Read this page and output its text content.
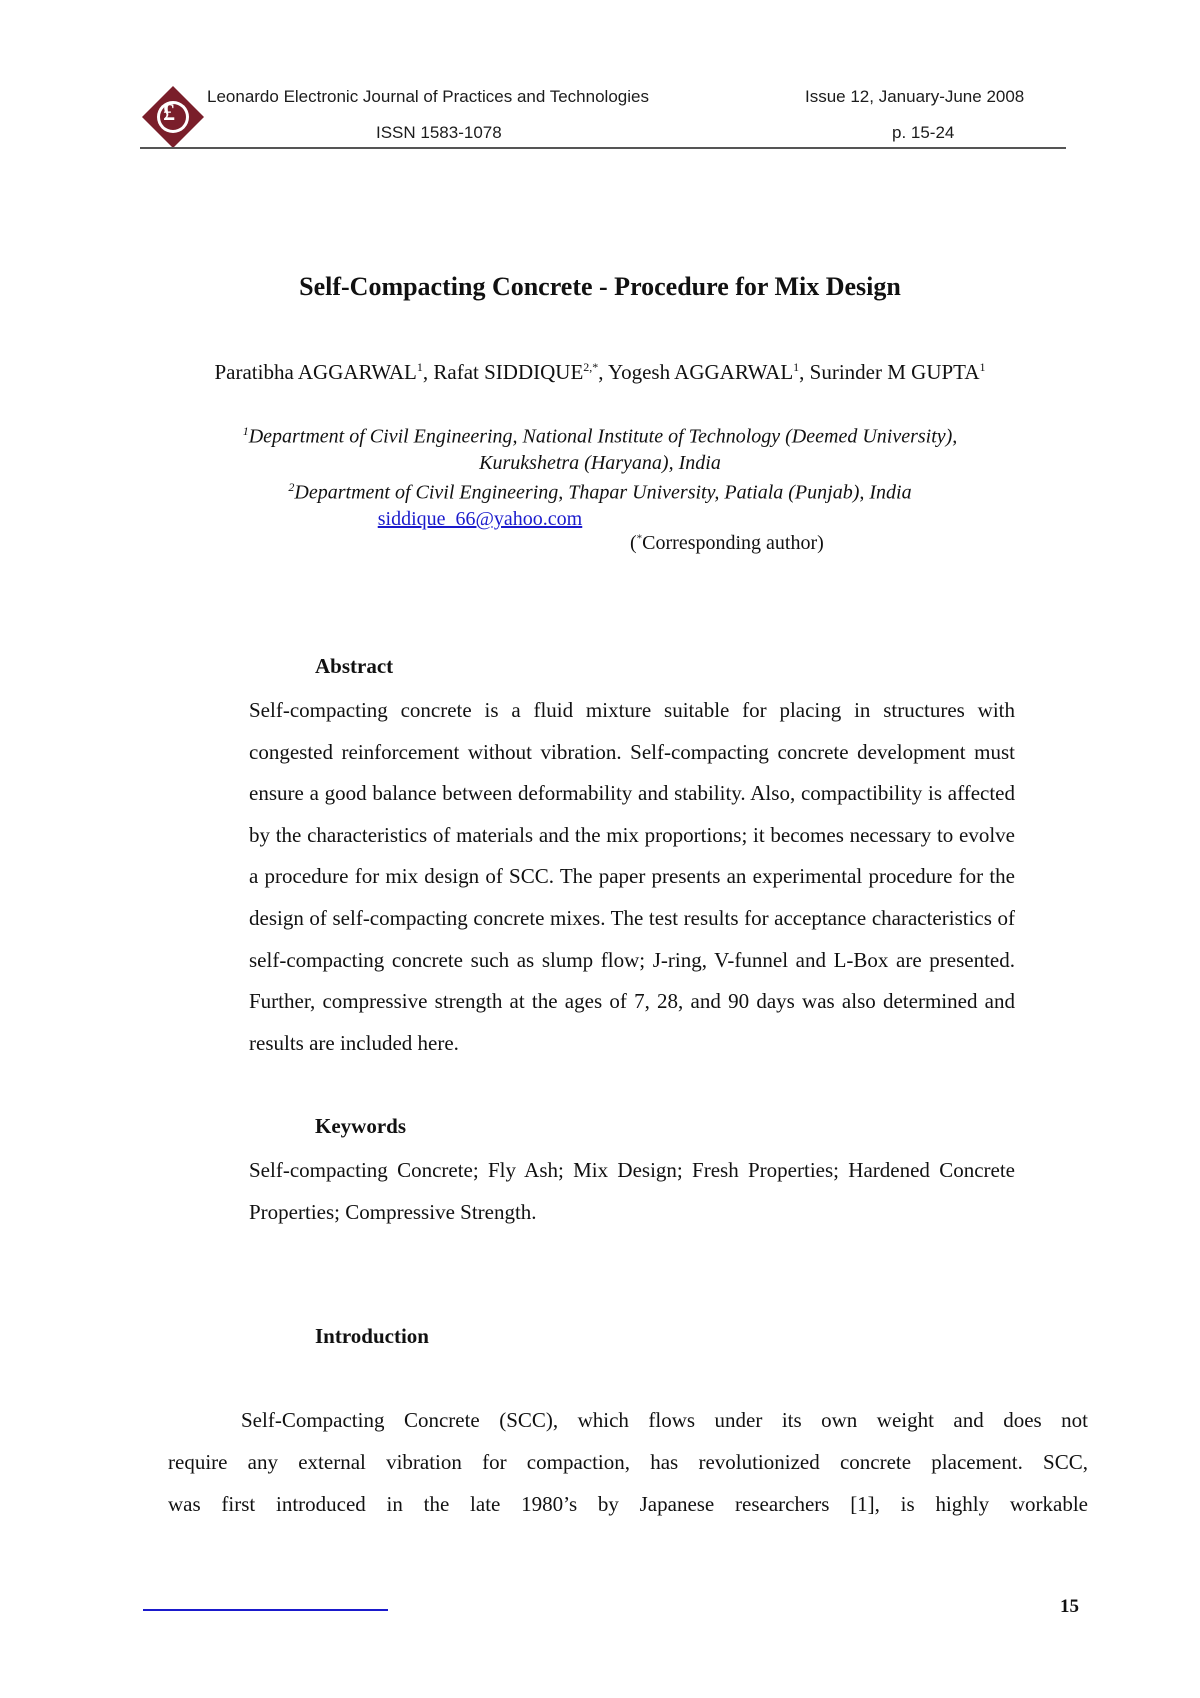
£
Leonardo Electronic Journal of Practices and Technologies	Issue 12, January-June 2008
ISSN 1583-1078	p. 15-24
Self-Compacting Concrete - Procedure for Mix Design
Paratibha AGGARWAL$^1$, Rafat $SIDDIQUE^{2,*}$, Yogesh AGGARWAL$^1$, Surinder M GUPTA$^1$
$^1$Department of Civil Engineering, National Institute of Technology (Deemed University),
Kurukshetra (Haryana), India
$^2$Department of Civil Engineering, Thapar University, Patiala (Punjab), India
siddique_66@yahoo.com
(*Corresponding author)
Abstract
Self-compacting concrete is a fluid mixture suitable for placing in structures with congested reinforcement without vibration. Self-compacting concrete development must ensure a good balance between deformability and stability. Also, compactibility is affected by the characteristics of materials and the mix proportions; it becomes necessary to evolve a procedure for mix design of SCC. The paper presents an experimental procedure for the design of self-compacting concrete mixes. The test results for acceptance characteristics of self-compacting concrete such as slump flow; J-ring, V-funnel and L-Box are presented. Further, compressive strength at the ages of 7, 28, and 90 days was also determined and results are included here.
Keywords
Self-compacting Concrete; Fly Ash; Mix Design; Fresh Properties; Hardened Concrete Properties; Compressive Strength.
Introduction
Self-Compacting Concrete (SCC), which flows under its own weight and does not
require any external vibration for compaction, has revolutionized concrete placement. SCC,
was first introduced in the late 1980’s by Japanese researchers [1], is highly workable
15
